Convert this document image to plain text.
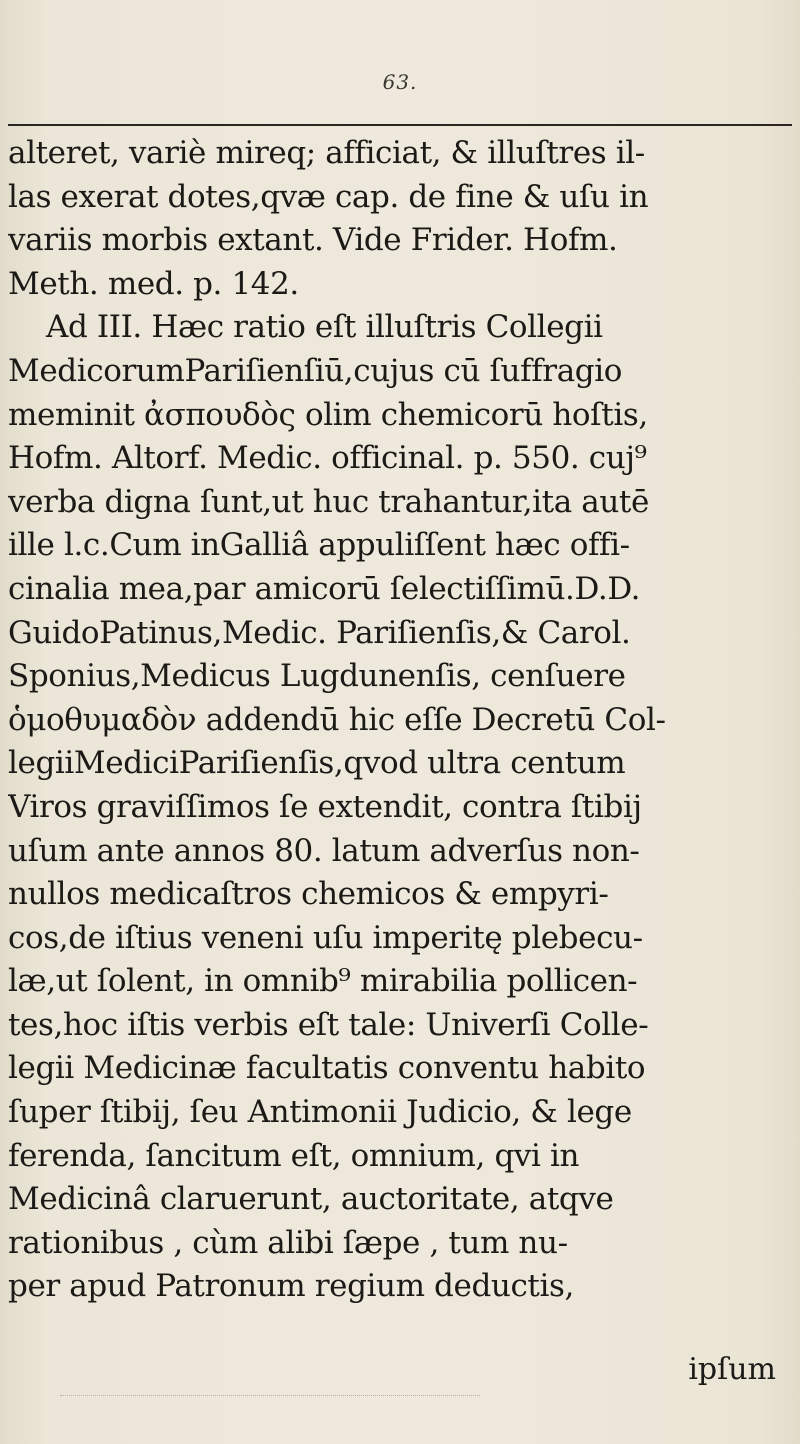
63.
alteret, variè mireq; afficiat, & illuſtres il-
las exerat dotes,qvæ cap. de fine & uſu in
variis morbis extant. Vide Frider. Hofm.
Meth. med. p. 142.
Ad III. Hæc ratio eſt illuſtris Collegii
MedicorumPariſienſiū,cujus cū ſuffragio
meminit ἀσπουδὸς olim chemicorū hoſtis,
Hofm. Altorf. Medic. officinal. p. 550. cuj⁹
verba digna ſunt,ut huc trahantur,ita autē
ille l.c.Cum inGalliâ appuliſſent hæc offi-
cinalia mea,par amicorū ſelectiſſimū.D.D.
GuidoPatinus,Medic. Pariſienſis,& Carol.
Sponius,Medicus Lugdunenſis, cenſuere
ὁμοθυμαδὸν addendū hic eſſe Decretū Col-
legiiMediciPariſienſis,qvod ultra centum
Viros graviſſimos ſe extendit, contra ſtibij
uſum ante annos 80. latum adverſus non-
nullos medicaſtros chemicos & empyri-
cos,de iſtius veneni uſu imperitę plebecu-
læ,ut ſolent, in omnib⁹ mirabilia pollicen-
tes,hoc iſtis verbis eſt tale: Univerſi Colle-
legii Medicinæ facultatis conventu habito
ſuper ſtibij, ſeu Antimonii Judicio, & lege
ferenda, ſancitum eſt, omnium, qvi in
Medicinâ claruerunt, auctoritate, atqve
rationibus , cùm alibi ſæpe , tum nu-
per apud Patronum regium deductis,
ipſum
